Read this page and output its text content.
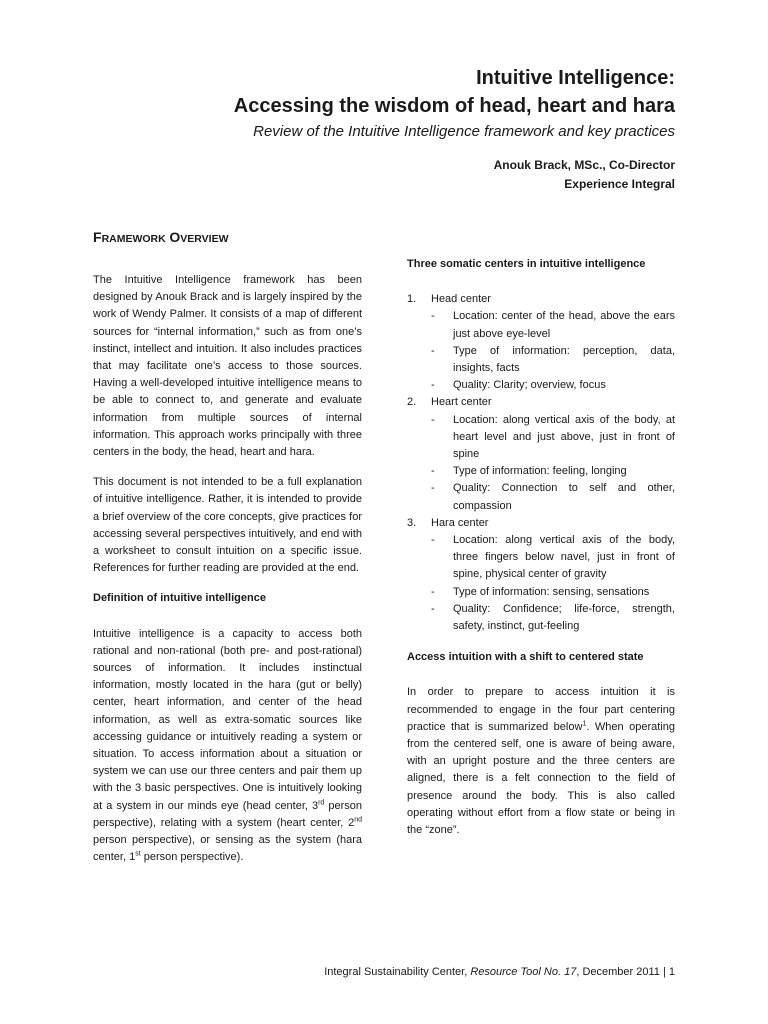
Intuitive Intelligence:
Accessing the wisdom of head, heart and hara
Review of the Intuitive Intelligence framework and key practices
Anouk Brack, MSc., Co-Director
Experience Integral
FRAMEWORK OVERVIEW

The Intuitive Intelligence framework has been designed by Anouk Brack and is largely inspired by the work of Wendy Palmer. It consists of a map of different sources for “internal information,” such as from one’s instinct, intellect and intuition. It also includes practices that may facilitate one’s access to those sources. Having a well-developed intuitive intelligence means to be able to connect to, and generate and evaluate information from multiple sources of internal information. This approach works principally with three centers in the body, the head, heart and hara.

This document is not intended to be a full explanation of intuitive intelligence. Rather, it is intended to provide a brief overview of the core concepts, give practices for accessing several perspectives intuitively, and end with a worksheet to consult intuition on a specific issue. References for further reading are provided at the end.

Definition of intuitive intelligence

Intuitive intelligence is a capacity to access both rational and non-rational (both pre- and post-rational) sources of information. It includes instinctual information, mostly located in the hara (gut or belly) center, heart information, and center of the head information, as well as extra-somatic sources like accessing guidance or intuitively reading a system or situation. To access information about a situation or system we can use our three centers and pair them up with the 3 basic perspectives. One is intuitively looking at a system in our minds eye (head center, 3rd person perspective), relating with a system (heart center, 2nd person perspective), or sensing as the system (hara center, 1st person perspective).

Three somatic centers in intuitive intelligence
1. Head center
- Location: center of the head, above the ears just above eye-level
- Type of information: perception, data, insights, facts
- Quality: Clarity; overview, focus
2. Heart center
- Location: along vertical axis of the body, at heart level and just above, just in front of spine
- Type of information: feeling, longing
- Quality: Connection to self and other, compassion
3. Hara center
- Location: along vertical axis of the body, three fingers below navel, just in front of spine, physical center of gravity
- Type of information: sensing, sensations
- Quality: Confidence; life-force, strength, safety, instinct, gut-feeling
Access intuition with a shift to centered state

In order to prepare to access intuition it is recommended to engage in the four part centering practice that is summarized below$^1$. When operating from the centered self, one is aware of being aware, with an upright posture and the three centers are aligned, there is a felt connection to the field of presence around the body. This is also called operating without effort from a flow state or being in the “zone”.

Integral Sustainability Center, Resource Tool No. 17, December 2011 | 1
